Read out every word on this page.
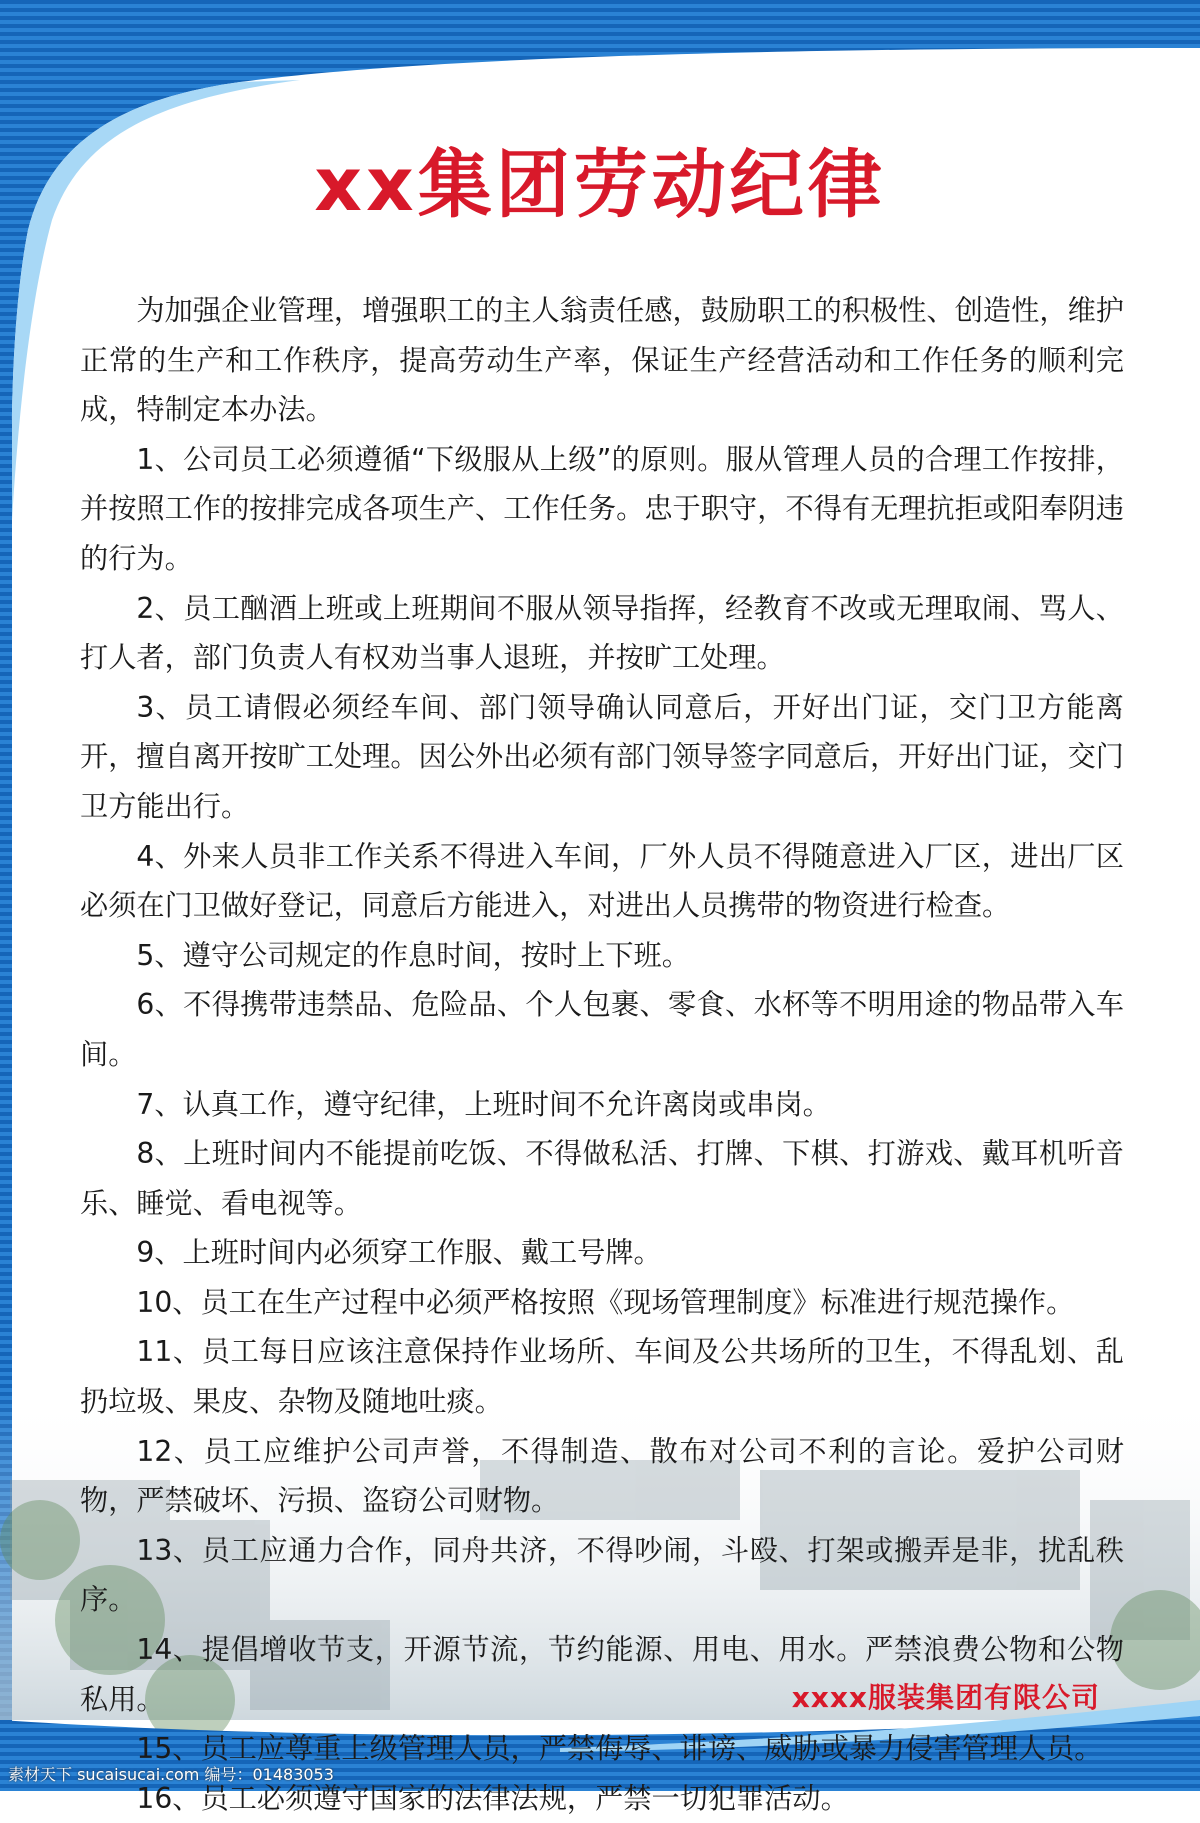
xx集团劳动纪律

为加强企业管理，增强职工的主人翁责任感，鼓励职工的积极性、创造性，维护正常的生产和工作秩序，提高劳动生产率，保证生产经营活动和工作任务的顺利完成，特制定本办法。

1、公司员工必须遵循“下级服从上级”的原则。服从管理人员的合理工作按排，并按照工作的按排完成各项生产、工作任务。忠于职守，不得有无理抗拒或阳奉阴违的行为。

2、员工酗酒上班或上班期间不服从领导指挥，经教育不改或无理取闹、骂人、打人者，部门负责人有权劝当事人退班，并按旷工处理。

3、员工请假必须经车间、部门领导确认同意后，开好出门证，交门卫方能离开，擅自离开按旷工处理。因公外出必须有部门领导签字同意后，开好出门证，交门卫方能出行。

4、外来人员非工作关系不得进入车间，厂外人员不得随意进入厂区，进出厂区必须在门卫做好登记，同意后方能进入，对进出人员携带的物资进行检查。

5、遵守公司规定的作息时间，按时上下班。

6、不得携带违禁品、危险品、个人包裹、零食、水杯等不明用途的物品带入车间。

7、认真工作，遵守纪律，上班时间不允许离岗或串岗。

8、上班时间内不能提前吃饭、不得做私活、打牌、下棋、打游戏、戴耳机听音乐、睡觉、看电视等。

9、上班时间内必须穿工作服、戴工号牌。

10、员工在生产过程中必须严格按照《现场管理制度》标准进行规范操作。

11、员工每日应该注意保持作业场所、车间及公共场所的卫生，不得乱划、乱扔垃圾、果皮、杂物及随地吐痰。

12、员工应维护公司声誉，不得制造、散布对公司不利的言论。爱护公司财物，严禁破坏、污损、盗窃公司财物。

13、员工应通力合作，同舟共济，不得吵闹，斗殴、打架或搬弄是非，扰乱秩序。

14、提倡增收节支，开源节流，节约能源、用电、用水。严禁浪费公物和公物私用。

15、员工应尊重上级管理人员，严禁侮辱、诽谤、威胁或暴力侵害管理人员。

16、员工必须遵守国家的法律法规，严禁一切犯罪活动。

xxxx服装集团有限公司
素材天下 sucaisucai.com 编号：01483053
